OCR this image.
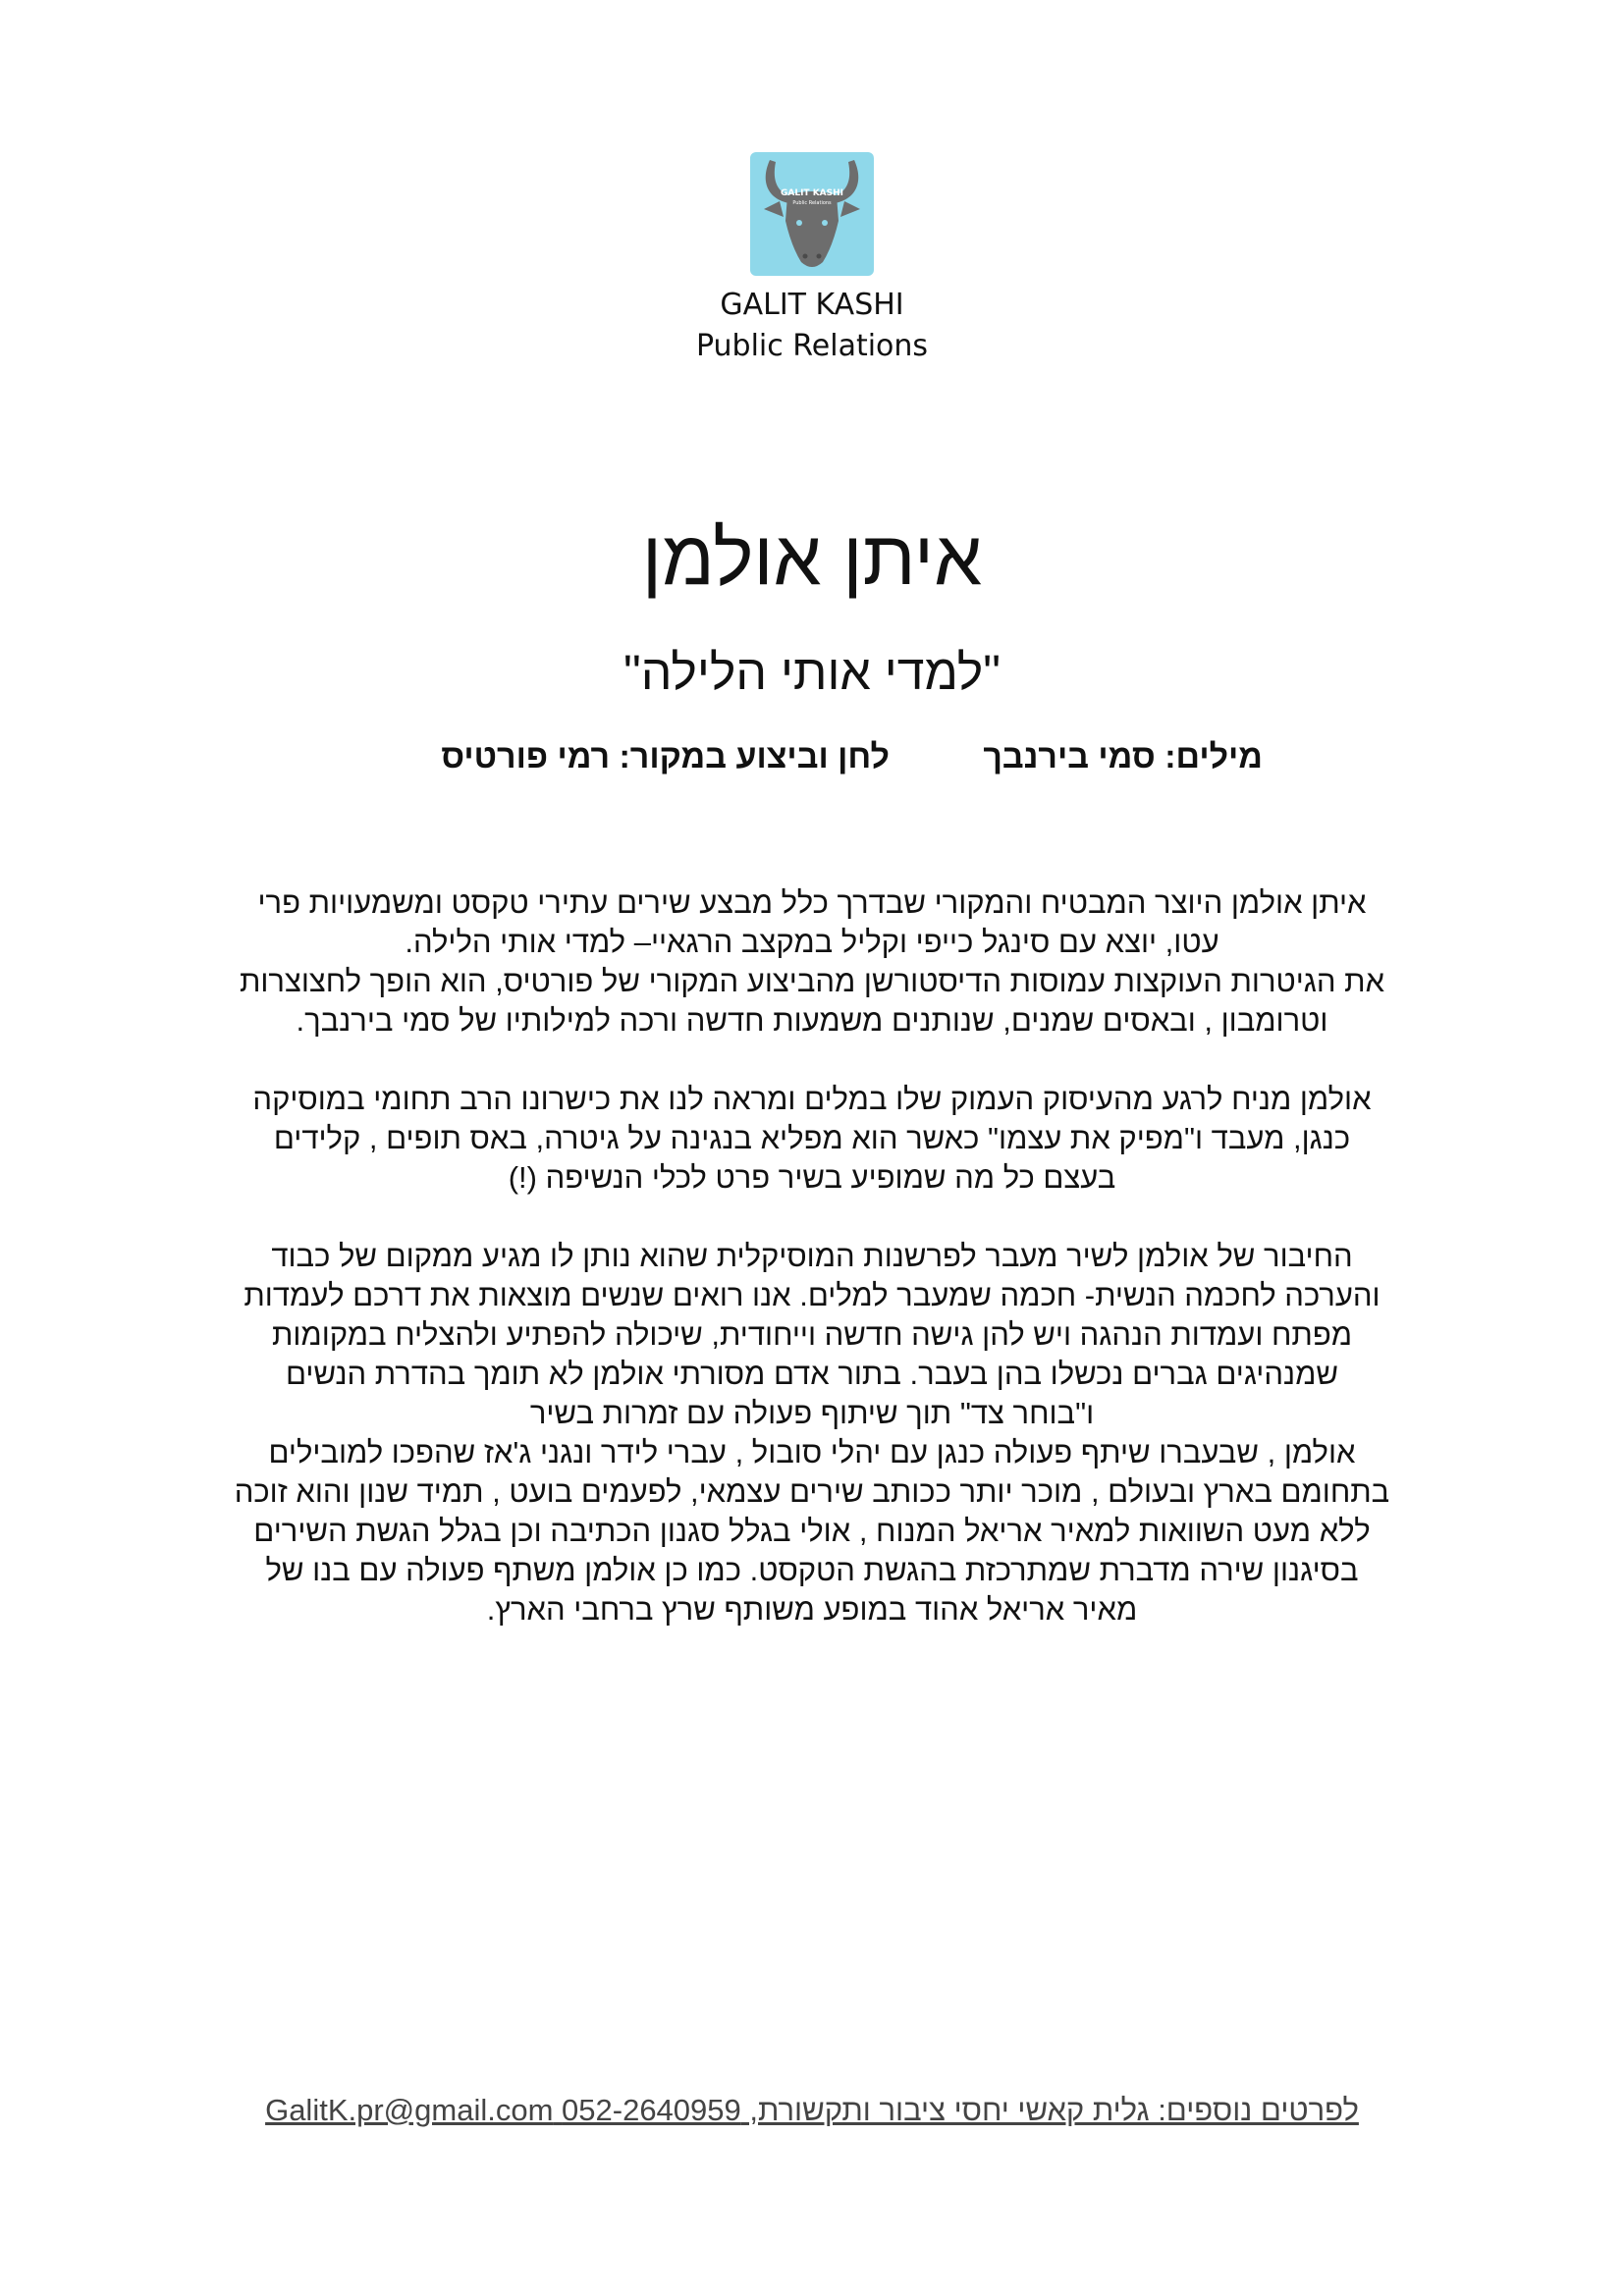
GALIT KASHI
Public Relations
GALIT KASHI
Public Relations
איתן אולמן
"למדי אותי הלילה"
מילים: סמי בירנבך
לחן וביצוע במקור: רמי פורטיס

איתן אולמן היוצר המבטיח והמקורי שבדרך כלל מבצע שירים עתירי טקסט ומשמעויות פרי
עטו, יוצא עם סינגל כייפי וקליל במקצב הרגאיי– למדי אותי הלילה.
את הגיטרות העוקצות עמוסות הדיסטורשן מהביצוע המקורי של פורטיס, הוא הופך לחצוצרות
וטרומבון , ובאסים שמנים, שנותנים משמעות חדשה ורכה למילותיו של סמי בירנבך.

אולמן מניח לרגע מהעיסוק העמוק שלו במלים ומראה לנו את כישרונו הרב תחומי במוסיקה
כנגן, מעבד ו"מפיק את עצמו" כאשר הוא מפליא בנגינה על גיטרה, באס תופים , קלידים
בעצם כל מה שמופיע בשיר פרט לכלי הנשיפה (!)

החיבור של אולמן לשיר מעבר לפרשנות המוסיקלית שהוא נותן לו מגיע ממקום של כבוד
והערכה לחכמה הנשית- חכמה שמעבר למלים. אנו רואים שנשים מוצאות את דרכם לעמדות
מפתח ועמדות הנהגה ויש להן גישה חדשה וייחודית, שיכולה להפתיע ולהצליח במקומות
שמנהיגים גברים נכשלו בהן בעבר. בתור אדם מסורתי אולמן לא תומך בהדרת הנשים
ו"בוחר צד" תוך שיתוף פעולה עם זמרות בשיר
אולמן , שבעברו שיתף פעולה כנגן עם יהלי סובול , עברי לידר ונגני ג'אז שהפכו למובילים
בתחומם בארץ ובעולם , מוכר יותר ככותב שירים עצמאי, לפעמים בועט , תמיד שנון והוא זוכה
ללא מעט השוואות למאיר אריאל המנוח , אולי בגלל סגנון הכתיבה וכן בגלל הגשת השירים
בסיגנון שירה מדברת שמתרכזת בהגשת הטקסט. כמו כן אולמן משתף פעולה עם בנו של
מאיר אריאל אהוד במופע משותף שרץ ברחבי הארץ.

לפרטים נוספים: גלית קאשי יחסי ציבור ותקשורת, 052-2640959 GalitK.pr@gmail.com
